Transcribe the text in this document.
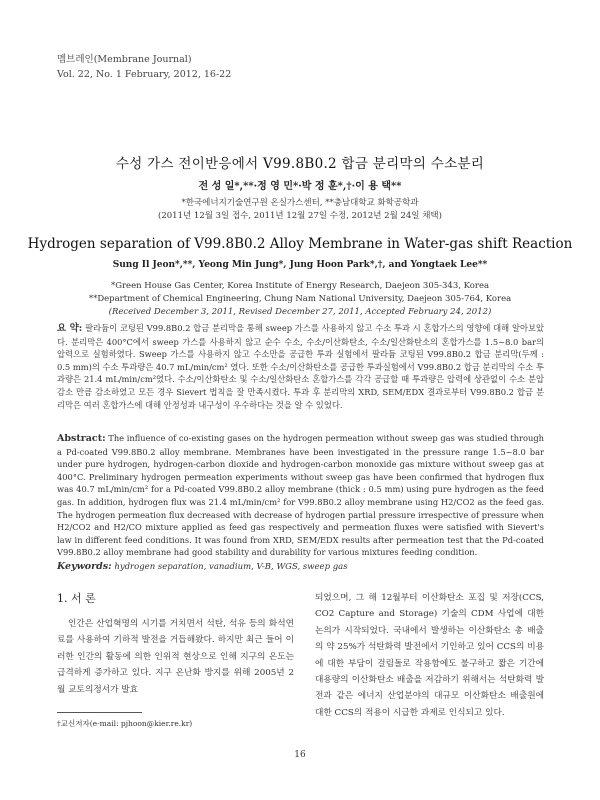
멤브레인(Membrane Journal)
Vol. 22, No. 1 February, 2012, 16-22
수성 가스 전이반응에서 V99.8B0.2 합금 분리막의 수소분리
전 성 일*,**·정 영 민*·박 정 훈*,†·이 용 택**
*한국에너지기술연구원 온실가스센터, **충남대학교 화학공학과
(2011년 12월 3일 접수, 2011년 12월 27일 수정, 2012년 2월 24일 채택)
Hydrogen separation of V99.8B0.2 Alloy Membrane in Water-gas shift Reaction
Sung Il Jeon*,**, Yeong Min Jung*, Jung Hoon Park*,†, and Yongtaek Lee**
*Green House Gas Center, Korea Institute of Energy Research, Daejeon 305-343, Korea
**Department of Chemical Engineering, Chung Nam National University, Daejeon 305-764, Korea
(Received December 3, 2011, Revised December 27, 2011, Accepted February 24, 2012)
요 약: 팔라듐이 코팅된 V99.8B0.2 합금 분리막을 통해 sweep 가스를 사용하지 않고 수소 투과 시 혼합가스의 영향에 대해 알아보았다. 분리막은 400°C에서 sweep 가스를 사용하지 않고 순수 수소, 수소/이산화탄소, 수소/일산화탄소의 혼합가스를 1.5~8.0 bar의 압력으로 실험하였다. Sweep 가스를 사용하지 않고 수소만을 공급한 투과 실험에서 팔라듐 코팅된 V99.8B0.2 합금 분리막(두께 : 0.5 mm)의 수소 투과량은 40.7 mL/min/cm² 였다. 또한 수소/이산화탄소를 공급한 투과실험에서 V99.8B0.2 합금 분리막의 수소 투과량은 21.4 mL/min/cm²였다. 수소/이산화탄소 및 수소/일산화탄소 혼합가스를 각각 공급할 때 투과량은 압력에 상관없이 수소 분압 감소 만큼 감소하였고 모든 경우 Sievert 법칙을 잘 만족시켰다. 투과 후 분리막의 XRD, SEM/EDX 결과로부터 V99.8B0.2 합금 분리막은 여러 혼합가스에 대해 안정성과 내구성이 우수하다는 것을 알 수 있었다.
Abstract: The influence of co-existing gases on the hydrogen permeation without sweep gas was studied through a Pd-coated V99.8B0.2 alloy membrane. Membranes have been investigated in the pressure range 1.5~8.0 bar under pure hydrogen, hydrogen-carbon dioxide and hydrogen-carbon monoxide gas mixture without sweep gas at 400°C. Preliminary hydrogen permeation experiments without sweep gas have been confirmed that hydrogen flux was 40.7 mL/min/cm² for a Pd-coated V99.8B0.2 alloy membrane (thick : 0.5 mm) using pure hydrogen as the feed gas. In addition, hydrogen flux was 21.4 mL/min/cm² for V99.8B0.2 alloy membrane using H2/CO2 as the feed gas. The hydrogen permeation flux decreased with decrease of hydrogen partial pressure irrespective of pressure when H2/CO2 and H2/CO mixture applied as feed gas respectively and permeation fluxes were satisfied with Sievert's law in different feed conditions. It was found from XRD, SEM/EDX results after permeation test that the Pd-coated V99.8B0.2 alloy membrane had good stability and durability for various mixtures feeding condition.
Keywords: hydrogen separation, vanadium, V-B, WGS, sweep gas
1. 서 론
인간은 산업혁명의 시기를 거치면서 석탄, 석유 등의 화석연료를 사용하여 기하적 발전을 거듭해왔다. 하지만 최근 들어 이러한 인간의 활동에 의한 인위적 현상으로 인해 지구의 온도는 급격하게 증가하고 있다. 지구 온난화 방지를 위해 2005년 2월 교토의정서가 발효
되었으며, 그 해 12월부터 이산화탄소 포집 및 저장(CCS, CO2 Capture and Storage) 기술의 CDM 사업에 대한 논의가 시작되었다. 국내에서 발생하는 이산화탄소 총 배출의 약 25%가 석탄화력 발전에서 기인하고 있어 CCS의 비용에 대한 부담이 걸림돌로 작용함에도 불구하고 짧은 기간에 대용량의 이산화탄소 배출을 저감하기 위해서는 석탄화력 발전과 같은 에너지 산업분야의 대규모 이산화탄소 배출원에 대한 CCS의 적용이 시급한 과제로 인식되고 있다.
†교신저자(e-mail: pjhoon@kier.re.kr)
16
